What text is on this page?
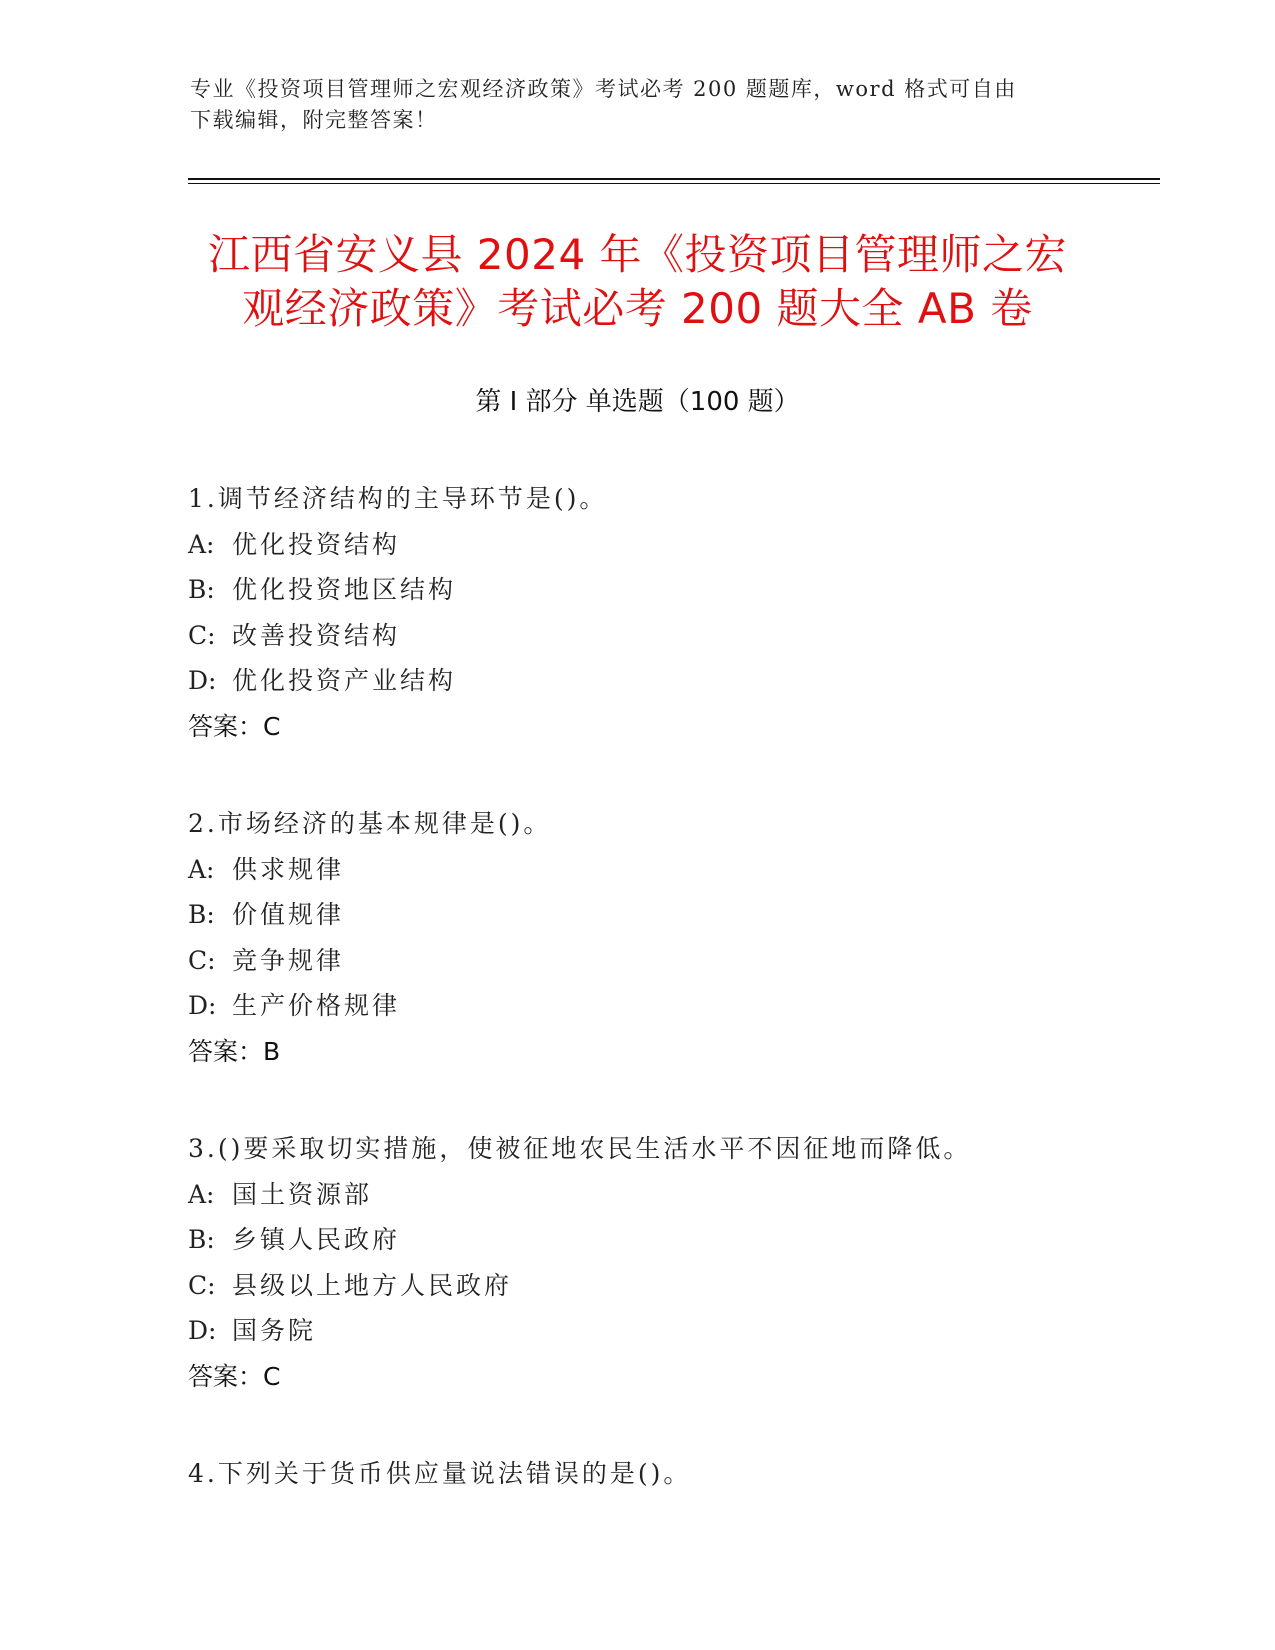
专业《投资项目管理师之宏观经济政策》考试必考 200 题题库，word 格式可自由
下载编辑，附完整答案！
江西省安义县 2024 年《投资项目管理师之宏
观经济政策》考试必考 200 题大全 AB 卷
第 I 部分 单选题（100 题）
1.调节经济结构的主导环节是()。
A: 优化投资结构
B: 优化投资地区结构
C: 改善投资结构
D: 优化投资产业结构
答案：C
2.市场经济的基本规律是()。
A: 供求规律
B: 价值规律
C: 竞争规律
D: 生产价格规律
答案：B
3.()要采取切实措施，使被征地农民生活水平不因征地而降低。
A: 国土资源部
B: 乡镇人民政府
C: 县级以上地方人民政府
D: 国务院
答案：C
4.下列关于货币供应量说法错误的是()。
